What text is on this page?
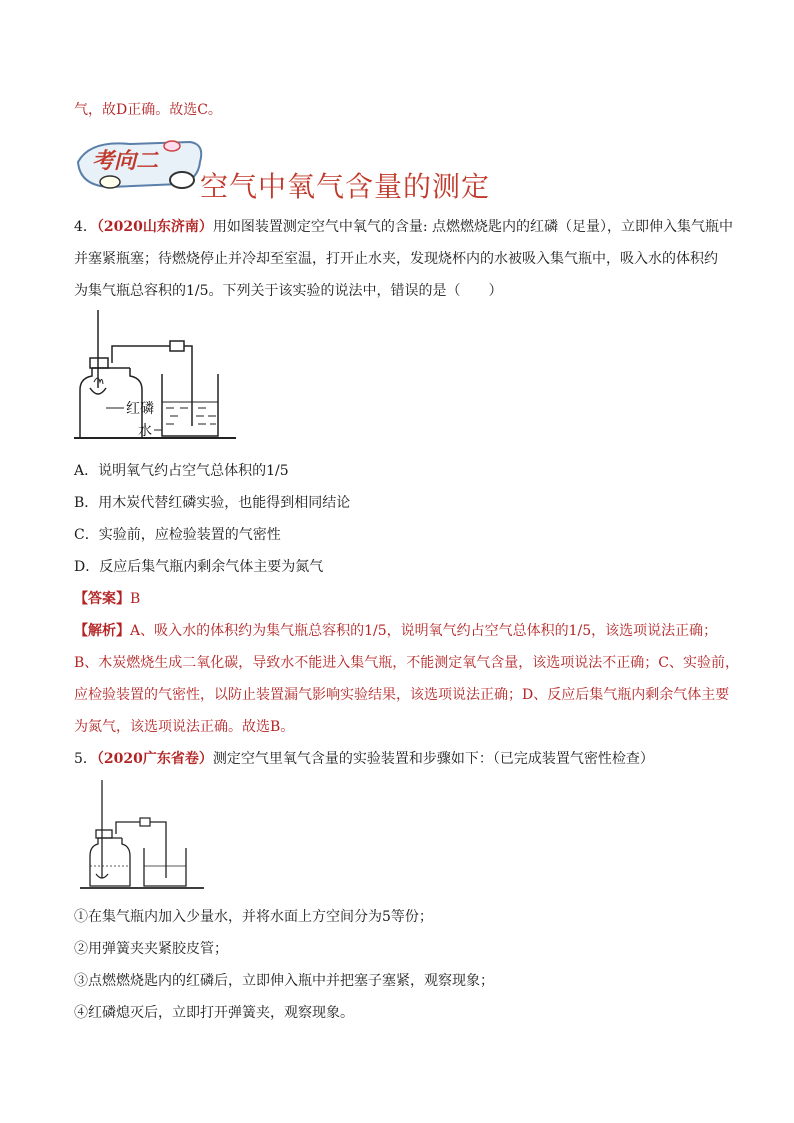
气，故D正确。故选C。
考向二
空气中氧气含量的测定
4．（2020山东济南）用如图装置测定空气中氧气的含量: 点燃燃烧匙内的红磷（足量），立即伸入集气瓶中
并塞紧瓶塞；待燃烧停止并冷却至室温，打开止水夹，发现烧杯内的水被吸入集气瓶中，吸入水的体积约
为集气瓶总容积的1/5。下列关于该实验的说法中，错误的是（　　）
红磷
水
A．说明氧气约占空气总体积的1/5
B．用木炭代替红磷实验，也能得到相同结论
C．实验前，应检验装置的气密性
D．反应后集气瓶内剩余气体主要为氮气
【答案】B
【解析】A、吸入水的体积约为集气瓶总容积的1/5，说明氧气约占空气总体积的1/5，该选项说法正确；
B、木炭燃烧生成二氧化碳，导致水不能进入集气瓶，不能测定氧气含量，该选项说法不正确；C、实验前，
应检验装置的气密性，以防止装置漏气影响实验结果，该选项说法正确；D、反应后集气瓶内剩余气体主要
为氮气，该选项说法正确。故选B。
5．（2020广东省卷）测定空气里氧气含量的实验装置和步骤如下：（已完成装置气密性检查）
①在集气瓶内加入少量水，并将水面上方空间分为5等份；
②用弹簧夹夹紧胶皮管；
③点燃燃烧匙内的红磷后，立即伸入瓶中并把塞子塞紧，观察现象；
④红磷熄灭后，立即打开弹簧夹，观察现象。
